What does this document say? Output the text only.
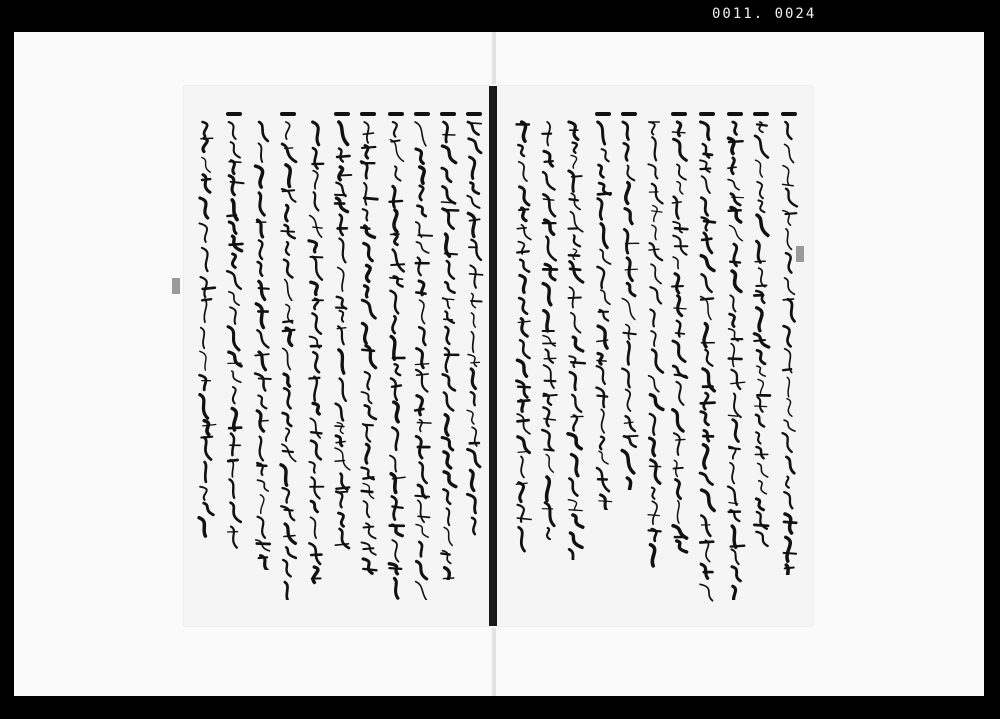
0011. 0024
